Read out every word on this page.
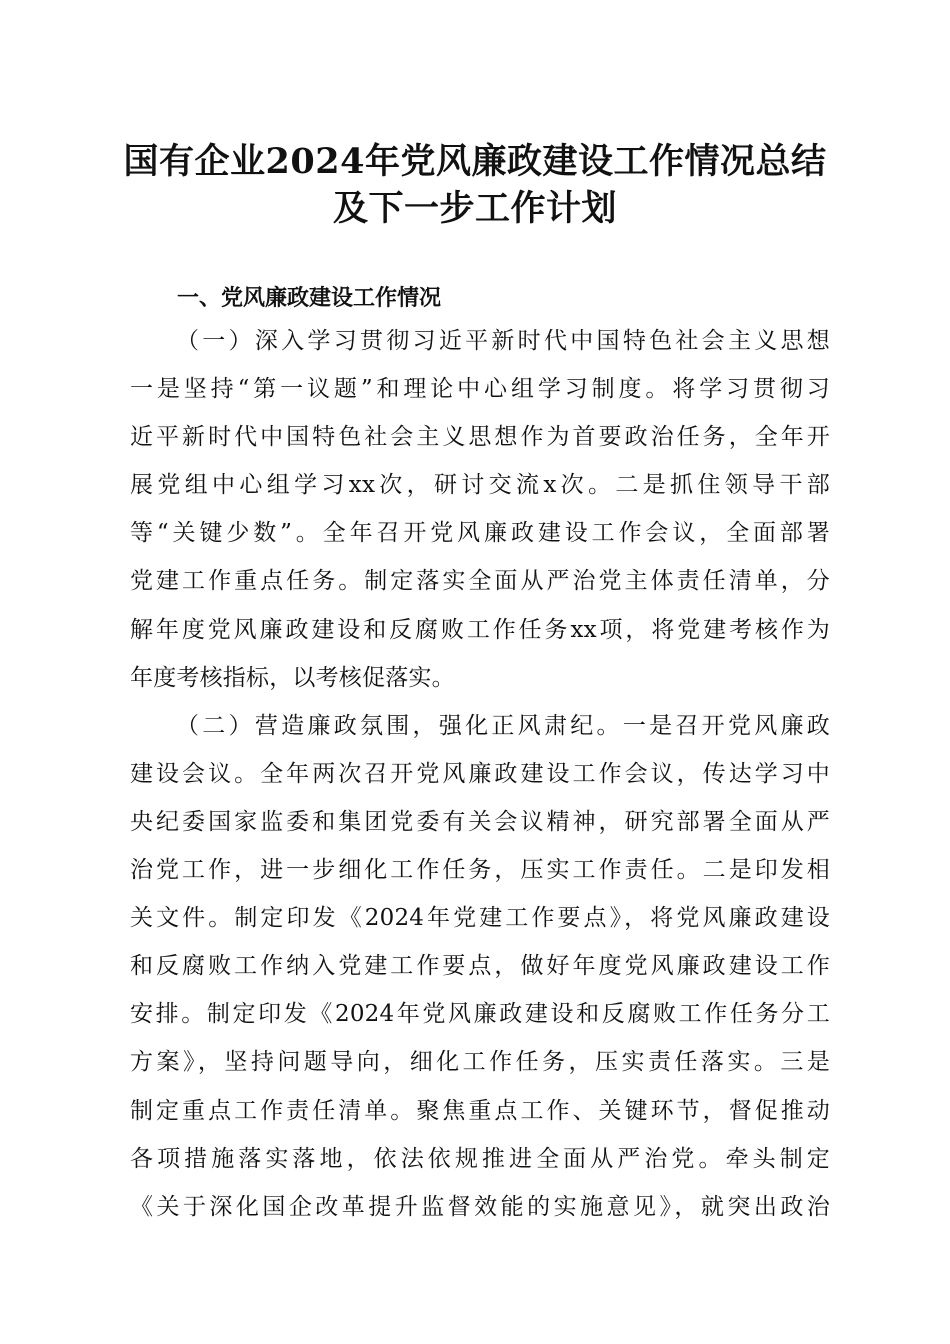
国有企业2024年党风廉政建设工作情况总结
及下一步工作计划
一、党风廉政建设工作情况
（一）深入学习贯彻习近平新时代中国特色社会主义思想
一是坚持“第一议题”和理论中心组学习制度。将学习贯彻习
近平新时代中国特色社会主义思想作为首要政治任务，全年开
展党组中心组学习xx次，研讨交流x次。二是抓住领导干部
等“关键少数”。全年召开党风廉政建设工作会议，全面部署
党建工作重点任务。制定落实全面从严治党主体责任清单，分
解年度党风廉政建设和反腐败工作任务xx项，将党建考核作为
年度考核指标，以考核促落实。
（二）营造廉政氛围，强化正风肃纪。一是召开党风廉政
建设会议。全年两次召开党风廉政建设工作会议，传达学习中
央纪委国家监委和集团党委有关会议精神，研究部署全面从严
治党工作，进一步细化工作任务，压实工作责任。二是印发相
关文件。制定印发《2024年党建工作要点》，将党风廉政建设
和反腐败工作纳入党建工作要点，做好年度党风廉政建设工作
安排。制定印发《2024年党风廉政建设和反腐败工作任务分工
方案》，坚持问题导向，细化工作任务，压实责任落实。三是
制定重点工作责任清单。聚焦重点工作、关键环节，督促推动
各项措施落实落地，依法依规推进全面从严治党。牵头制定
《关于深化国企改革提升监督效能的实施意见》，就突出政治
